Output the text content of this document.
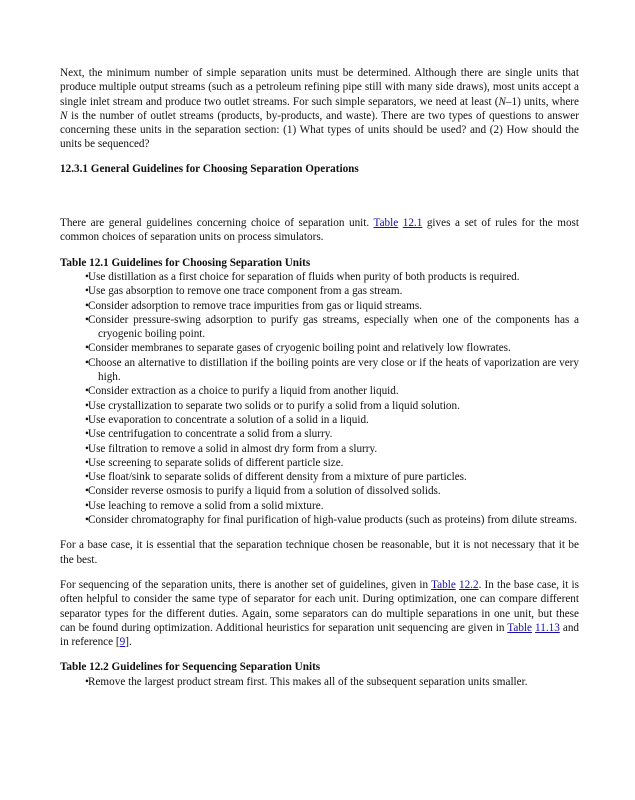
Next, the minimum number of simple separation units must be determined. Although there are single units that produce multiple output streams (such as a petroleum refining pipe still with many side draws), most units accept a single inlet stream and produce two outlet streams. For such simple separators, we need at least (N–1) units, where N is the number of outlet streams (products, by-products, and waste). There are two types of questions to answer concerning these units in the separation section: (1) What types of units should be used? and (2) How should the units be sequenced?

12.3.1 General Guidelines for Choosing Separation Operations

There are general guidelines concerning choice of separation unit. Table 12.1 gives a set of rules for the most common choices of separation units on process simulators.

Table 12.1 Guidelines for Choosing Separation Units

• Use distillation as a first choice for separation of fluids when purity of both products is required.
• Use gas absorption to remove one trace component from a gas stream.
• Consider adsorption to remove trace impurities from gas or liquid streams.
• Consider pressure-swing adsorption to purify gas streams, especially when one of the components has a cryogenic boiling point.
• Consider membranes to separate gases of cryogenic boiling point and relatively low flowrates.
• Choose an alternative to distillation if the boiling points are very close or if the heats of vaporization are very high.
• Consider extraction as a choice to purify a liquid from another liquid.
• Use crystallization to separate two solids or to purify a solid from a liquid solution.
• Use evaporation to concentrate a solution of a solid in a liquid.
• Use centrifugation to concentrate a solid from a slurry.
• Use filtration to remove a solid in almost dry form from a slurry.
• Use screening to separate solids of different particle size.
• Use float/sink to separate solids of different density from a mixture of pure particles.
• Consider reverse osmosis to purify a liquid from a solution of dissolved solids.
• Use leaching to remove a solid from a solid mixture.
• Consider chromatography for final purification of high-value products (such as proteins) from dilute streams.

For a base case, it is essential that the separation technique chosen be reasonable, but it is not necessary that it be the best.

For sequencing of the separation units, there is another set of guidelines, given in Table 12.2. In the base case, it is often helpful to consider the same type of separator for each unit. During optimization, one can compare different separator types for the different duties. Again, some separators can do multiple separations in one unit, but these can be found during optimization. Additional heuristics for separation unit sequencing are given in Table 11.13 and in reference [9].

Table 12.2 Guidelines for Sequencing Separation Units

• Remove the largest product stream first. This makes all of the subsequent separation units smaller.
